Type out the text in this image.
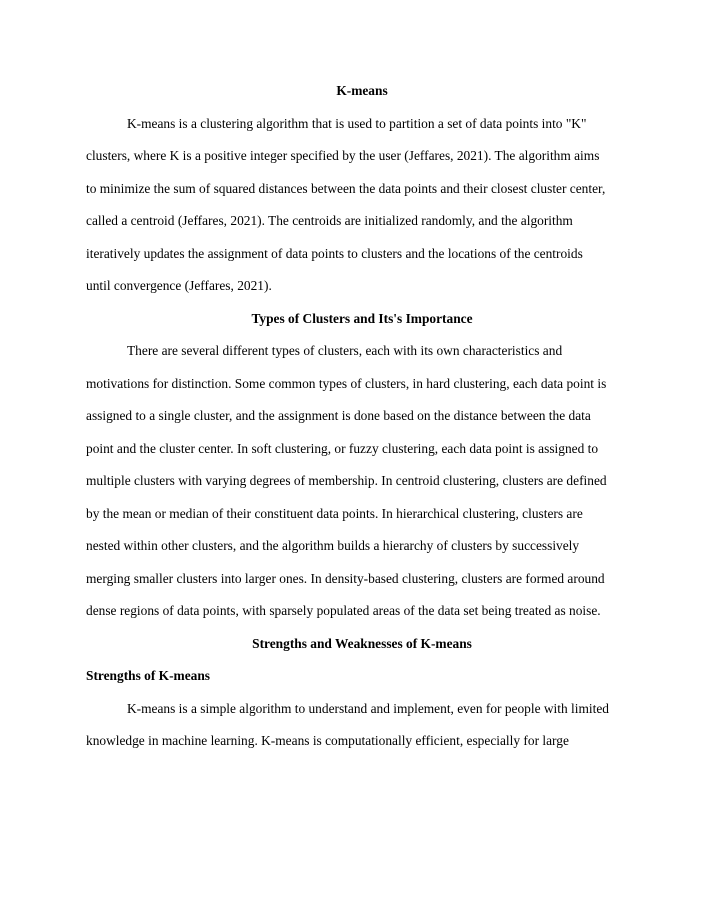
K-means

K-means is a clustering algorithm that is used to partition a set of data points into "K"
clusters, where K is a positive integer specified by the user (Jeffares, 2021). The algorithm aims
to minimize the sum of squared distances between the data points and their closest cluster center,
called a centroid (Jeffares, 2021). The centroids are initialized randomly, and the algorithm
iteratively updates the assignment of data points to clusters and the locations of the centroids
until convergence (Jeffares, 2021).

Types of Clusters and Its's Importance

There are several different types of clusters, each with its own characteristics and
motivations for distinction. Some common types of clusters, in hard clustering, each data point is
assigned to a single cluster, and the assignment is done based on the distance between the data
point and the cluster center. In soft clustering, or fuzzy clustering, each data point is assigned to
multiple clusters with varying degrees of membership. In centroid clustering, clusters are defined
by the mean or median of their constituent data points. In hierarchical clustering, clusters are
nested within other clusters, and the algorithm builds a hierarchy of clusters by successively
merging smaller clusters into larger ones. In density-based clustering, clusters are formed around
dense regions of data points, with sparsely populated areas of the data set being treated as noise.

Strengths and Weaknesses of K-means
Strengths of K-means

K-means is a simple algorithm to understand and implement, even for people with limited
knowledge in machine learning. K-means is computationally efficient, especially for large
